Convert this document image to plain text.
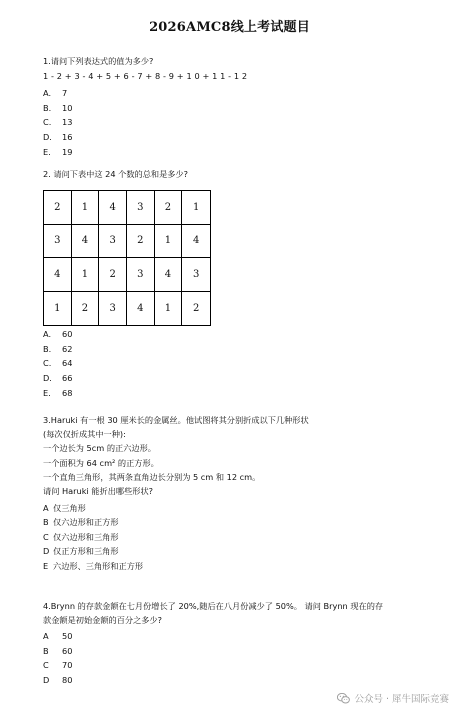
2026AMC8线上考试题目

1.请问下列表达式的值为多少?

1 - 2 + 3 - 4 + 5 + 6 - 7 + 8 - 9 + 1 0 + 1 1 - 1 2

A.	7
B.	10
C.	13
D.	16
E.	19

2. 请问下表中这 24 个数的总和是多少?

2	1	4	3	2	1
3	4	3	2	1	4
4	1	2	3	4	3
1	2	3	4	1	2
A.	60
B.	62
C.	64
D.	66
E.	68

3.Haruki 有一根 30 厘米长的金属丝。他试图将其分别折成以下几种形状

(每次仅折成其中一种):

一个边长为 5cm 的正六边形。

一个面积为 64 cm² 的正方形。

一个直角三角形，其两条直角边长分别为 5 cm 和 12 cm。

请问 Haruki 能折出哪些形状?

A 仅三角形
B 仅六边形和正方形
C 仅六边形和三角形
D 仅正方形和三角形
E 六边形、三角形和正方形

4.Brynn 的存款金额在七月份增长了 20%,随后在八月份减少了 50%。 请问 Brynn 现在的存

款金额是初始金额的百分之多少?

A	50
B	60
C	70
D	80
公众号 · 犀牛国际竞赛
